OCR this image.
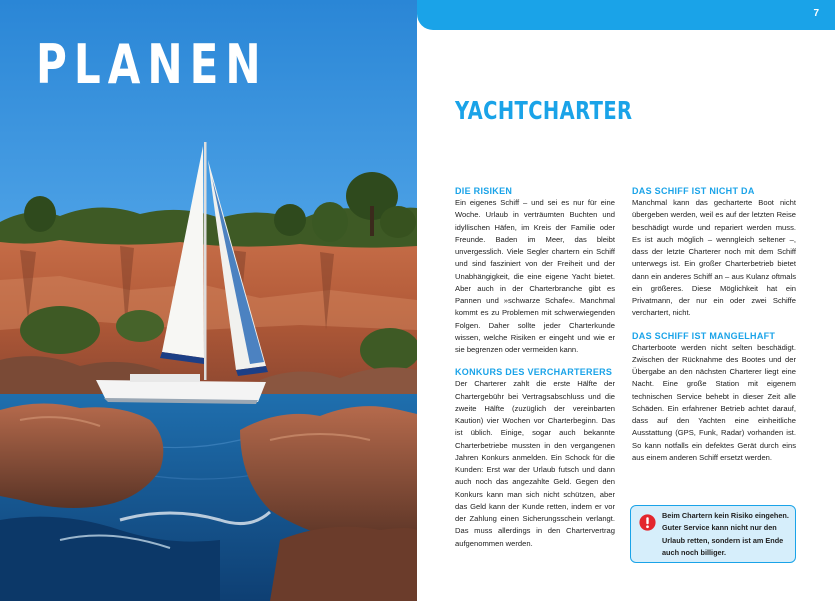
PLANEN
7
YACHTCHARTER
DIE RISIKEN

Ein eigenes Schiff – und sei es nur für eine Woche. Urlaub in verträumten Buchten und idyllischen Häfen, im Kreis der Familie oder Freunde. Baden im Meer, das bleibt unvergesslich. Viele Segler chartern ein Schiff und sind fasziniert von der Freiheit und der Unabhängigkeit, die eine eigene Yacht bietet. Aber auch in der Charterbranche gibt es Pannen und »schwarze Schafe«. Manchmal kommt es zu Problemen mit schwerwiegenden Folgen. Daher sollte jeder Charterkunde wissen, welche Risiken er eingeht und wie er sie begrenzen oder vermeiden kann.

KONKURS DES VERCHARTERERS

Der Charterer zahlt die erste Hälfte der Chartergebühr bei Vertragsabschluss und die zweite Hälfte (zuzüglich der vereinbarten Kaution) vier Wochen vor Charterbeginn. Das ist üblich. Einige, sogar auch bekannte Charterbetriebe mussten in den vergangenen Jahren Konkurs anmelden. Ein Schock für die Kunden: Erst war der Urlaub futsch und dann auch noch das angezahlte Geld. Gegen den Konkurs kann man sich nicht schützen, aber das Geld kann der Kunde retten, indem er vor der Zahlung einen Sicherungsschein verlangt. Das muss allerdings in den Chartervertrag aufgenommen werden.

DAS SCHIFF IST NICHT DA

Manchmal kann das gecharterte Boot nicht übergeben werden, weil es auf der letzten Reise beschädigt wurde und repariert werden muss. Es ist auch möglich – wenngleich seltener –, dass der letzte Charterer noch mit dem Schiff unterwegs ist. Ein großer Charterbetrieb bietet dann ein anderes Schiff an – aus Kulanz oftmals ein größeres. Diese Möglichkeit hat ein Privatmann, der nur ein oder zwei Schiffe verchartert, nicht.

DAS SCHIFF IST MANGELHAFT

Charterboote werden nicht selten beschädigt. Zwischen der Rücknahme des Bootes und der Übergabe an den nächsten Charterer liegt eine Nacht. Eine große Station mit eigenem technischen Service behebt in dieser Zeit alle Schäden. Ein erfahrener Betrieb achtet darauf, dass auf den Yachten eine einheitliche Ausstattung (GPS, Funk, Radar) vorhanden ist. So kann notfalls ein defektes Gerät durch eins aus einem anderen Schiff ersetzt werden.

Beim Chartern kein Risiko eingehen. Guter Service kann nicht nur den Urlaub retten, sondern ist am Ende auch noch billiger.
